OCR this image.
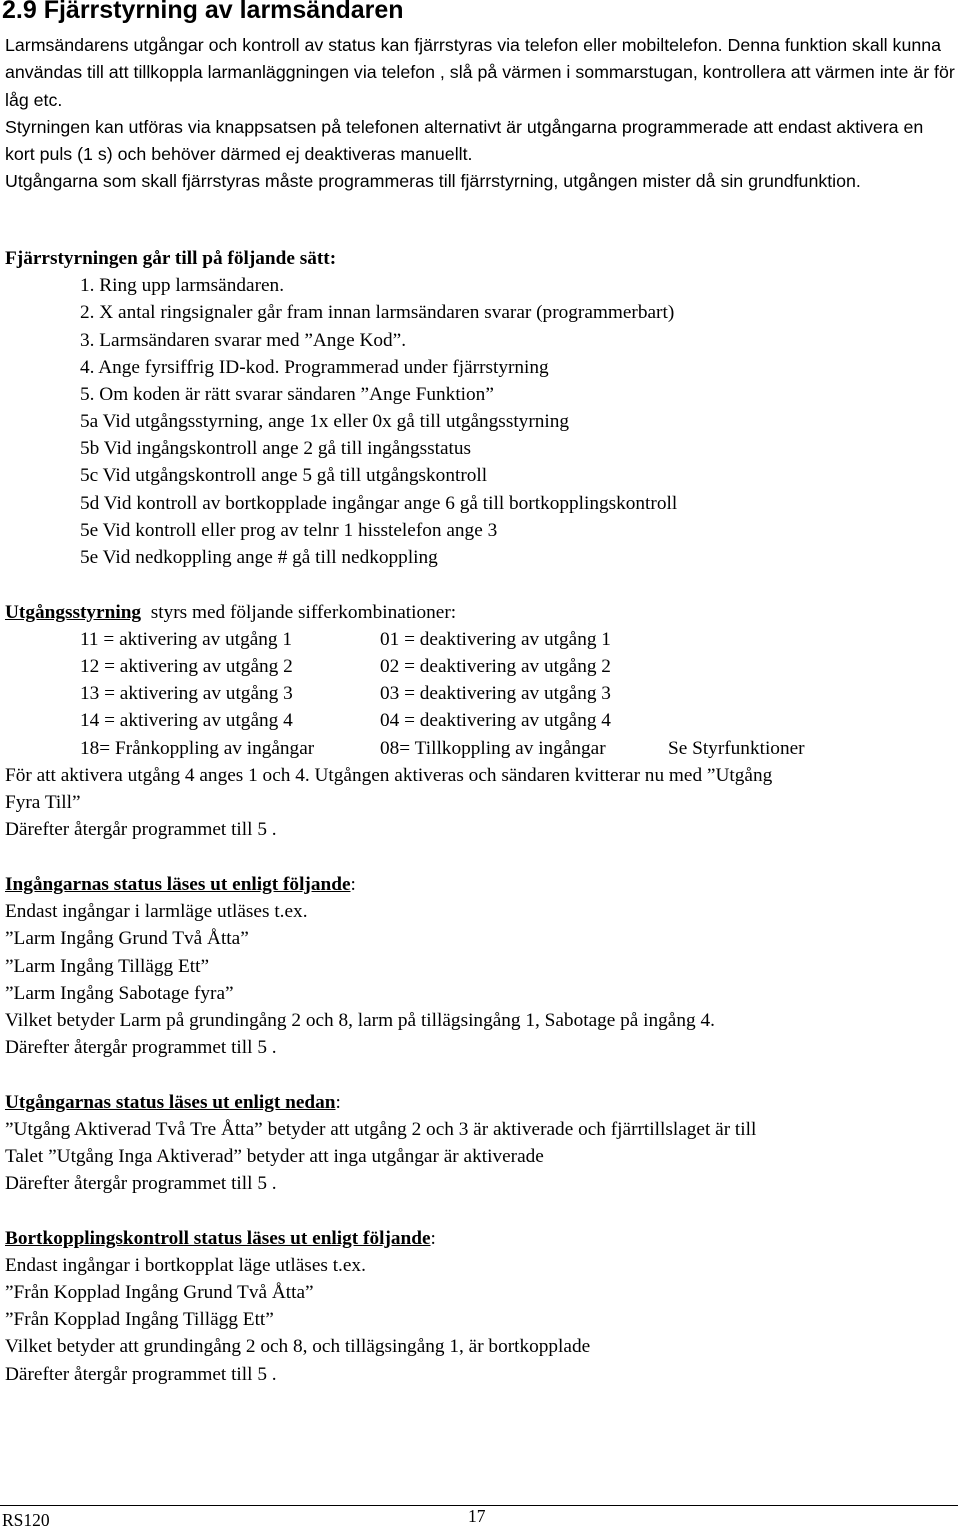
2.9 Fjärrstyrning av larmsändaren

Larmsändarens utgångar och kontroll av status kan fjärrstyras via telefon eller mobiltelefon. Denna funktion skall kunna användas till att tillkoppla larmanläggningen via telefon , slå på värmen i sommarstugan, kontrollera att värmen inte är för låg etc.

Styrningen kan utföras via knappsatsen på telefonen alternativt är utgångarna programmerade att endast aktivera en kort puls (1 s) och behöver därmed ej deaktiveras manuellt.

Utgångarna som skall fjärrstyras måste programmeras till fjärrstyrning, utgången mister då sin grundfunktion.

Fjärrstyrningen går till på följande sätt:
1. Ring upp larmsändaren.
2. X antal ringsignaler går fram innan larmsändaren svarar (programmerbart)
3. Larmsändaren svarar med ”Ange Kod”.
4. Ange fyrsiffrig ID-kod. Programmerad under fjärrstyrning
5. Om koden är rätt svarar sändaren ”Ange Funktion”
5a Vid utgångsstyrning, ange 1x eller 0x gå till utgångsstyrning
5b Vid ingångskontroll ange 2 gå till ingångsstatus
5c Vid utgångskontroll ange 5 gå till utgångskontroll
5d Vid kontroll av bortkopplade ingångar ange 6 gå till bortkopplingskontroll
5e Vid kontroll eller prog av telnr 1 hisstelefon ange 3
5e Vid nedkoppling ange # gå till nedkoppling
Utgångsstyrning  styrs med följande sifferkombinationer:
11 = aktivering av utgång 1	01 = deaktivering av utgång 1
12 = aktivering av utgång 2	02 = deaktivering av utgång 2
13 = aktivering av utgång 3	03 = deaktivering av utgång 3
14 = aktivering av utgång 4	04 = deaktivering av utgång 4
18= Frånkoppling av ingångar	08= Tillkoppling av ingångar	Se Styrfunktioner
För att aktivera utgång 4 anges 1 och 4. Utgången aktiveras och sändaren kvitterar nu med ”Utgång
Fyra Till”
Därefter återgår programmet till 5 .
Ingångarnas status läses ut enligt följande:
Endast ingångar i larmläge utläses t.ex.
”Larm Ingång Grund Två Åtta”
”Larm Ingång Tillägg Ett”
”Larm Ingång Sabotage fyra”
Vilket betyder Larm på grundingång 2 och 8, larm på tillägsingång 1, Sabotage på ingång 4.
Därefter återgår programmet till 5 .
Utgångarnas status läses ut enligt nedan:
”Utgång Aktiverad Två Tre Åtta” betyder att utgång 2 och 3 är aktiverade och fjärrtillslaget är till
Talet ”Utgång Inga Aktiverad” betyder att inga utgångar är aktiverade
Därefter återgår programmet till 5 .
Bortkopplingskontroll status läses ut enligt följande:
Endast ingångar i bortkopplat läge utläses t.ex.
”Från Kopplad Ingång Grund Två Åtta”
”Från Kopplad Ingång Tillägg Ett”
Vilket betyder att grundingång 2 och 8, och tillägsingång 1, är bortkopplade
Därefter återgår programmet till 5 .
RS120	17
